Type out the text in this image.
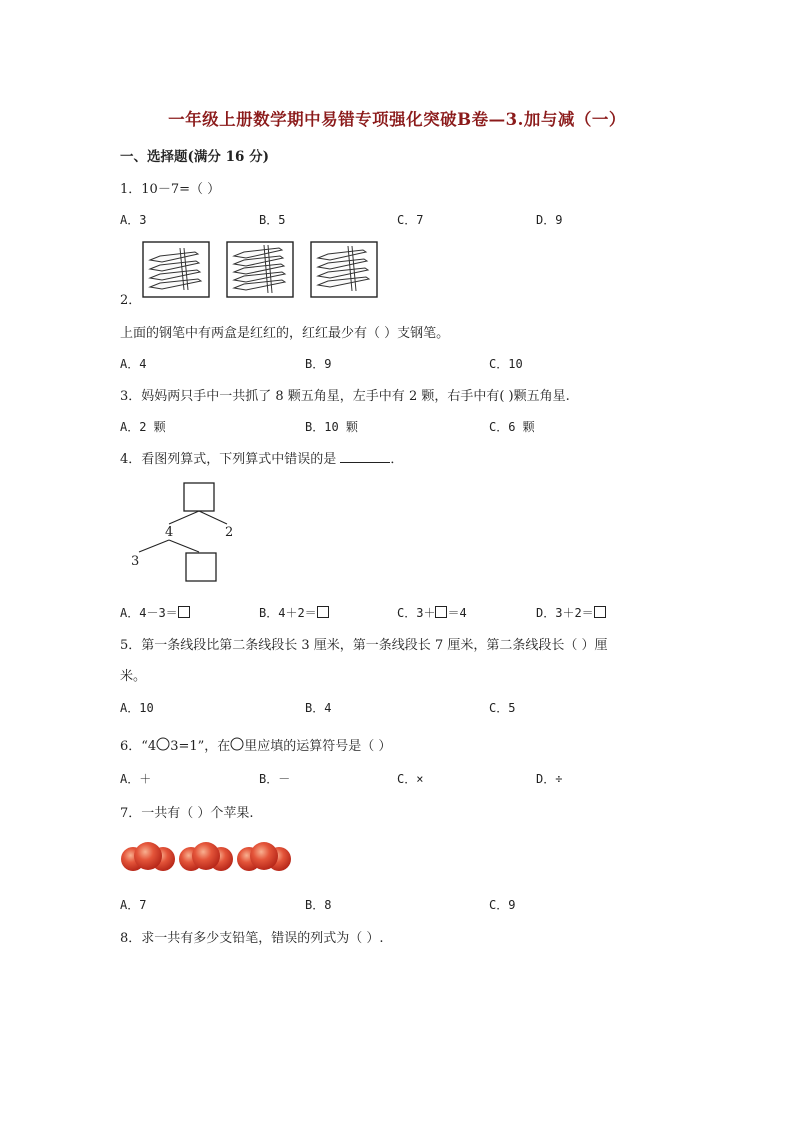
一年级上册数学期中易错专项强化突破B卷—3.加与减（一）
一、选择题(满分 16 分)
1．10－7=（ ）
A．3	B．5	C．7	D．9
2．
上面的钢笔中有两盒是红红的，红红最少有（ ）支钢笔。
A．4	B．9	C．10
3．妈妈两只手中一共抓了 8 颗五角星，左手中有 2 颗，右手中有( )颗五角星.
A．2 颗	B．10 颗	C．6 颗
4．看图列算式，下列算式中错误的是	．
4	2
3
A．4－3＝	B．4＋2＝	C．3＋ ＝4	D．3＋2＝
5．第一条线段比第二条线段长 3 厘米，第一条线段长 7 厘米，第二条线段长（ ）厘
米。
A．10	B．4	C．5
6．“4 3=1”，在 里应填的运算符号是（ ）
A．＋	B．－	C．×	D．÷
7．一共有（ ）个苹果.
A．7	B．8	C．9
8．求一共有多少支铅笔，错误的列式为（ ）.
